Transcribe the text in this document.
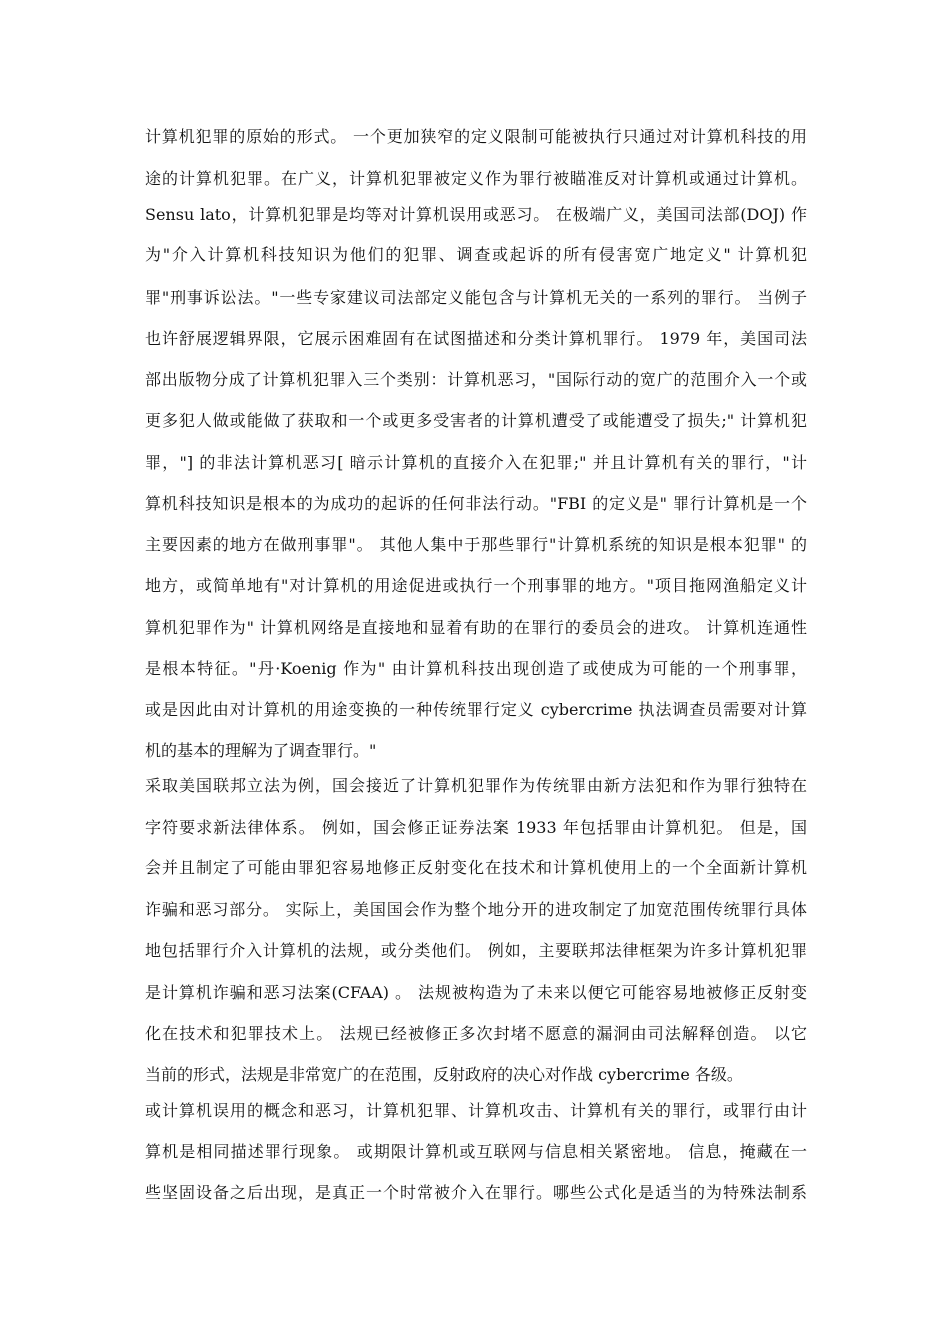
计算机犯罪的原始的形式。 一个更加狭窄的定义限制可能被执行只通过对计算机科技的用
途的计算机犯罪。在广义，计算机犯罪被定义作为罪行被瞄准反对计算机或通过计算机。
Sensu lato，计算机犯罪是均等对计算机误用或恶习。 在极端广义，美国司法部(DOJ) 作
为"介入计算机科技知识为他们的犯罪、调查或起诉的所有侵害宽广地定义" 计算机犯
罪"刑事诉讼法。"一些专家建议司法部定义能包含与计算机无关的一系列的罪行。 当例子
也许舒展逻辑界限，它展示困难固有在试图描述和分类计算机罪行。 1979 年，美国司法
部出版物分成了计算机犯罪入三个类别：计算机恶习，"国际行动的宽广的范围介入一个或
更多犯人做或能做了获取和一个或更多受害者的计算机遭受了或能遭受了损失;" 计算机犯
罪，"] 的非法计算机恶习[ 暗示计算机的直接介入在犯罪;" 并且计算机有关的罪行，"计
算机科技知识是根本的为成功的起诉的任何非法行动。"FBI 的定义是" 罪行计算机是一个
主要因素的地方在做刑事罪"。 其他人集中于那些罪行"计算机系统的知识是根本犯罪" 的
地方，或简单地有"对计算机的用途促进或执行一个刑事罪的地方。"项目拖网渔船定义计
算机犯罪作为" 计算机网络是直接地和显着有助的在罪行的委员会的进攻。 计算机连通性
是根本特征。"丹·Koenig 作为" 由计算机科技出现创造了或使成为可能的一个刑事罪，
或是因此由对计算机的用途变换的一种传统罪行定义 cybercrime 执法调查员需要对计算
机的基本的理解为了调查罪行。"
采取美国联邦立法为例，国会接近了计算机犯罪作为传统罪由新方法犯和作为罪行独特在
字符要求新法律体系。 例如，国会修正证券法案 1933 年包括罪由计算机犯。 但是，国
会并且制定了可能由罪犯容易地修正反射变化在技术和计算机使用上的一个全面新计算机
诈骗和恶习部分。 实际上，美国国会作为整个地分开的进攻制定了加宽范围传统罪行具体
地包括罪行介入计算机的法规，或分类他们。 例如，主要联邦法律框架为许多计算机犯罪
是计算机诈骗和恶习法案(CFAA) 。 法规被构造为了未来以便它可能容易地被修正反射变
化在技术和犯罪技术上。 法规已经被修正多次封堵不愿意的漏洞由司法解释创造。 以它
当前的形式，法规是非常宽广的在范围，反射政府的决心对作战 cybercrime 各级。
或计算机误用的概念和恶习，计算机犯罪、计算机攻击、计算机有关的罪行，或罪行由计
算机是相同描述罪行现象。 或期限计算机或互联网与信息相关紧密地。 信息，掩藏在一
些坚固设备之后出现，是真正一个时常被介入在罪行。哪些公式化是适当的为特殊法制系
